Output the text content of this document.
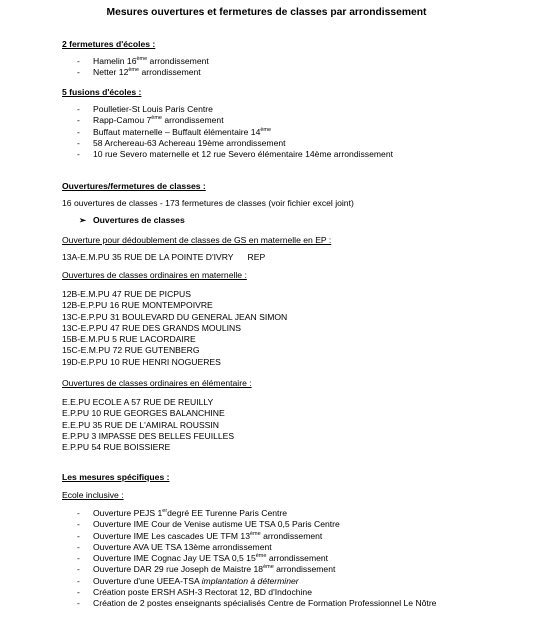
Mesures ouvertures et fermetures de classes par arrondissement
2 fermetures d'écoles :
- Hamelin 16ème arrondissement
- Netter 12ème arrondissement
5 fusions d'écoles :
- Poulletier-St Louis Paris Centre
- Rapp-Camou 7ème arrondissement
- Buffaut maternelle – Buffault élémentaire 14ème
- 58 Archereau-63 Achereau 19ème arrondissement
- 10 rue Severo maternelle et 12 rue Severo élémentaire 14ème arrondissement
Ouvertures/fermetures de classes :
16 ouvertures de classes - 173 fermetures de classes (voir fichier excel joint)
➢ Ouvertures de classes
Ouverture pour dédoublement de classes de GS en maternelle en EP :
13A-E.M.PU 35 RUE DE LA POINTE D'IVRY REP
Ouvertures de classes ordinaires en maternelle :
12B-E.M.PU 47 RUE DE PICPUS
12B-E.P.PU 16 RUE MONTEMPOIVRE
13C-E.P.PU 31 BOULEVARD DU GENERAL JEAN SIMON
13C-E.P.PU 47 RUE DES GRANDS MOULINS
15B-E.M.PU 5 RUE LACORDAIRE
15C-E.M.PU 72 RUE GUTENBERG
19D-E.P.PU 10 RUE HENRI NOGUERES
Ouvertures de classes ordinaires en élémentaire :
E.E.PU ECOLE A 57 RUE DE REUILLY
E.P.PU 10 RUE GEORGES BALANCHINE
E.E.PU 35 RUE DE L'AMIRAL ROUSSIN
E.P.PU 3 IMPASSE DES BELLES FEUILLES
E.P.PU 54 RUE BOISSIERE
Les mesures spécifiques :
Ecole inclusive :
- Ouverture PEJS 1erdegré EE Turenne Paris Centre
- Ouverture IME Cour de Venise autisme UE TSA 0,5 Paris Centre
- Ouverture IME Les cascades UE TFM 13ème arrondissement
- Ouverture AVA UE TSA 13ème arrondissement
- Ouverture IME Cognac Jay UE TSA 0,5 15ème arrondissement
- Ouverture DAR 29 rue Joseph de Maistre 18ème arrondissement
- Ouverture d'une UEEA-TSA implantation à déterminer
- Création poste ERSH ASH-3 Rectorat 12, BD d'Indochine
- Création de 2 postes enseignants spécialisés Centre de Formation Professionnel Le Nôtre
